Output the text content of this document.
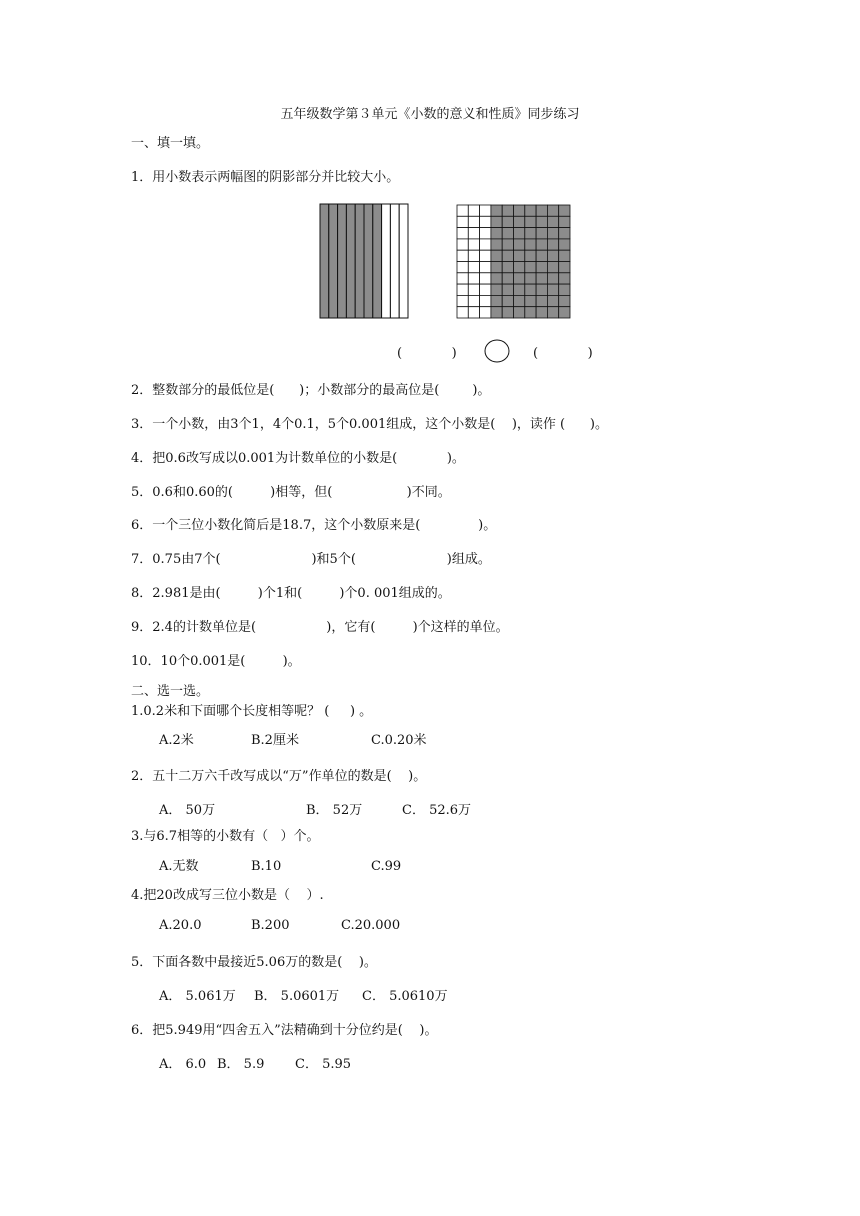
五年级数学第３单元《小数的意义和性质》同步练习
一、填一填。
1．用小数表示两幅图的阴影部分并比较大小。
(            )	(            )
2．整数部分的最低位是(      )；小数部分的最高位是(        )。
3．一个小数，由3个1，4个0.1，5个0.001组成，这个小数是(    )，读作 (      )。
4．把0.6改写成以0.001为计数单位的小数是(            )。
5．0.6和0.60的(         )相等，但(                  )不同。
6．一个三位小数化简后是18.7，这个小数原来是(              )。
7．0.75由7个(                      )和5个(                      )组成。
8．2.981是由(         )个1和(         )个0. 001组成的。
9．2.4的计数单位是(                 )，它有(         )个这样的单位。
10．10个0.001是(         )。
二、选一选。
1.0.2米和下面哪个长度相等呢？ (     ) 。
A.2米	B.2厘米	C.0.20米
2．五十二万六千改写成以“万”作单位的数是(    )。
A． 50万	B． 52万	C． 52.6万
3.与6.7相等的小数有（   ）个。
A.无数	B.10	C.99
4.把20改成写三位小数是（    ）.
A.20.0	B.200	C.20.000
5．下面各数中最接近5.06万的数是(    )。
A． 5.061万 B． 5.0601万 C． 5.0610万
6．把5.949用“四舍五入”法精确到十分位约是(    )。
A． 6.0 B． 5.9 C． 5.95
